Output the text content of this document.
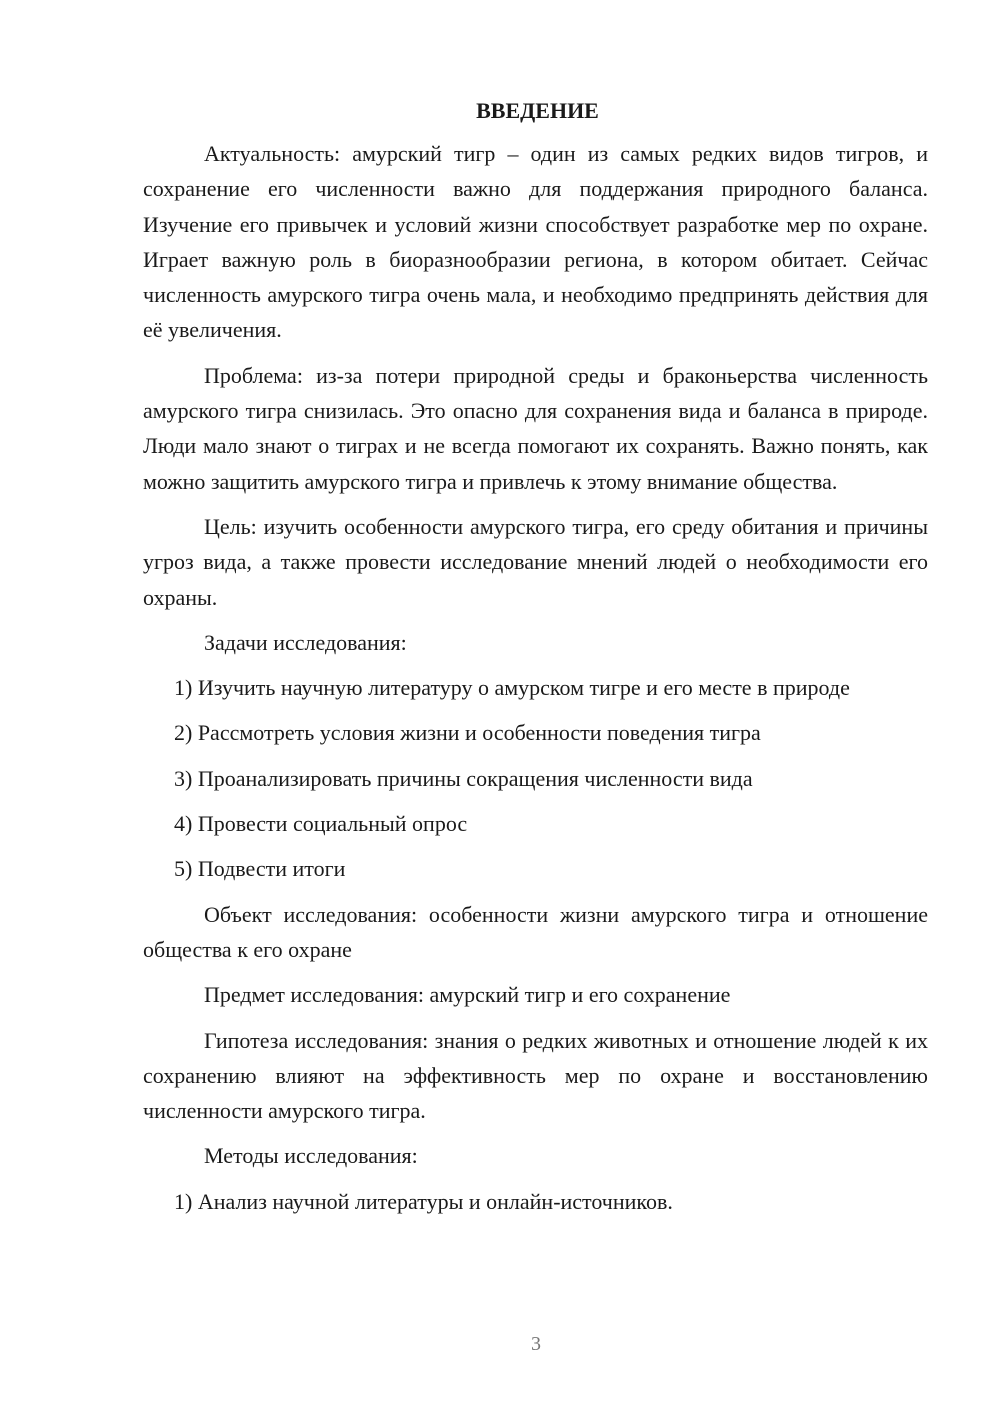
ВВЕДЕНИЕ

Актуальность: амурский тигр – один из самых редких видов тигров, и сохранение его численности важно для поддержания природного баланса. Изучение его привычек и условий жизни способствует разработке мер по охране. Играет важную роль в биоразнообразии региона, в котором обитает. Сейчас численность амурского тигра очень мала, и необходимо предпринять действия для её увеличения.

Проблема: из-за потери природной среды и браконьерства численность амурского тигра снизилась. Это опасно для сохранения вида и баланса в природе. Люди мало знают о тиграх и не всегда помогают их сохранять. Важно понять, как можно защитить амурского тигра и привлечь к этому внимание общества.

Цель: изучить особенности амурского тигра, его среду обитания и причины угроз вида, а также провести исследование мнений людей о необходимости его охраны.

Задачи исследования:

1) Изучить научную литературу о амурском тигре и его месте в природе

2) Рассмотреть условия жизни и особенности поведения тигра

3) Проанализировать причины сокращения численности вида

4) Провести социальный опрос

5) Подвести итоги

Объект исследования: особенности жизни амурского тигра и отношение общества к его охране

Предмет исследования: амурский тигр и его сохранение

Гипотеза исследования: знания о редких животных и отношение людей к их сохранению влияют на эффективность мер по охране и восстановлению численности амурского тигра.

Методы исследования:

1) Анализ научной литературы и онлайн-источников.

3
